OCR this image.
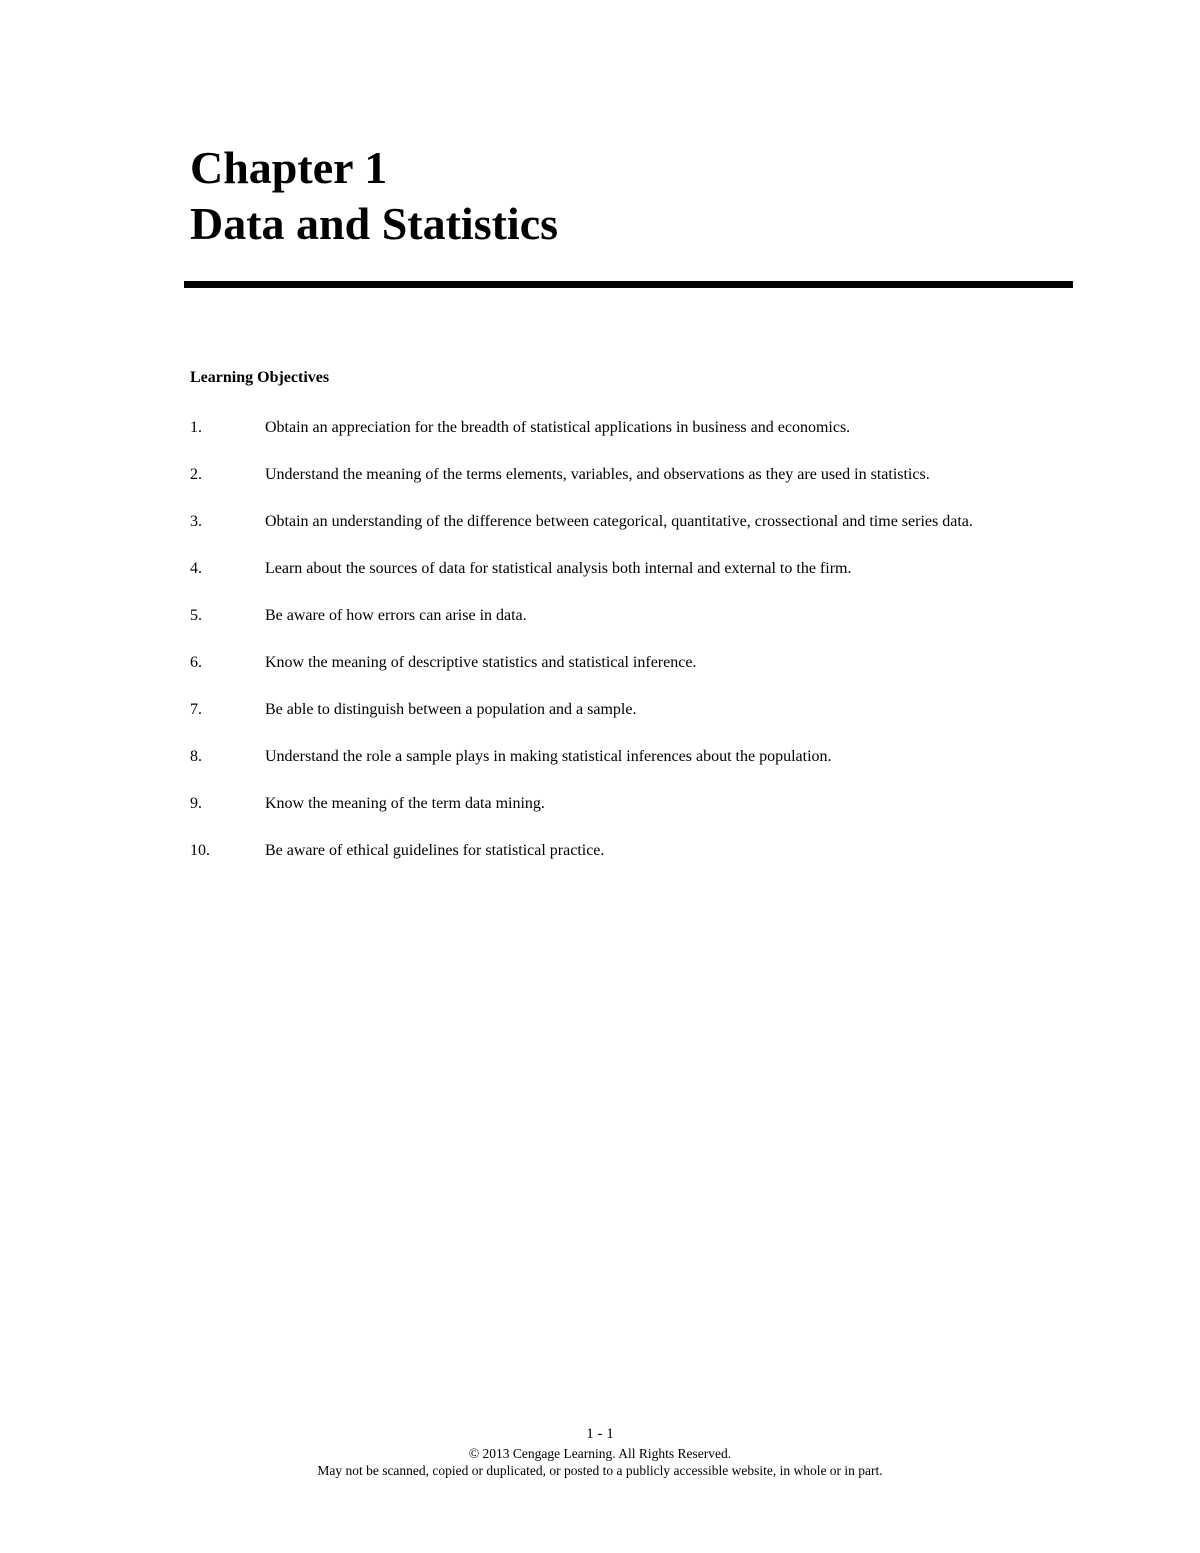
Chapter 1
Data and Statistics
Learning Objectives
1.	Obtain an appreciation for the breadth of statistical applications in business and economics.
2.	Understand the meaning of the terms elements, variables, and observations as they are used in statistics.
3.	Obtain an understanding of the difference between categorical, quantitative, crossectional and time series data.
4.	Learn about the sources of data for statistical analysis both internal and external to the firm.
5.	Be aware of how errors can arise in data.
6.	Know the meaning of descriptive statistics and statistical inference.
7.	Be able to distinguish between a population and a sample.
8.	Understand the role a sample plays in making statistical inferences about the population.
9.	Know the meaning of the term data mining.
10.	Be aware of ethical guidelines for statistical practice.
1 - 1
© 2013 Cengage Learning. All Rights Reserved.
May not be scanned, copied or duplicated, or posted to a publicly accessible website, in whole or in part.
